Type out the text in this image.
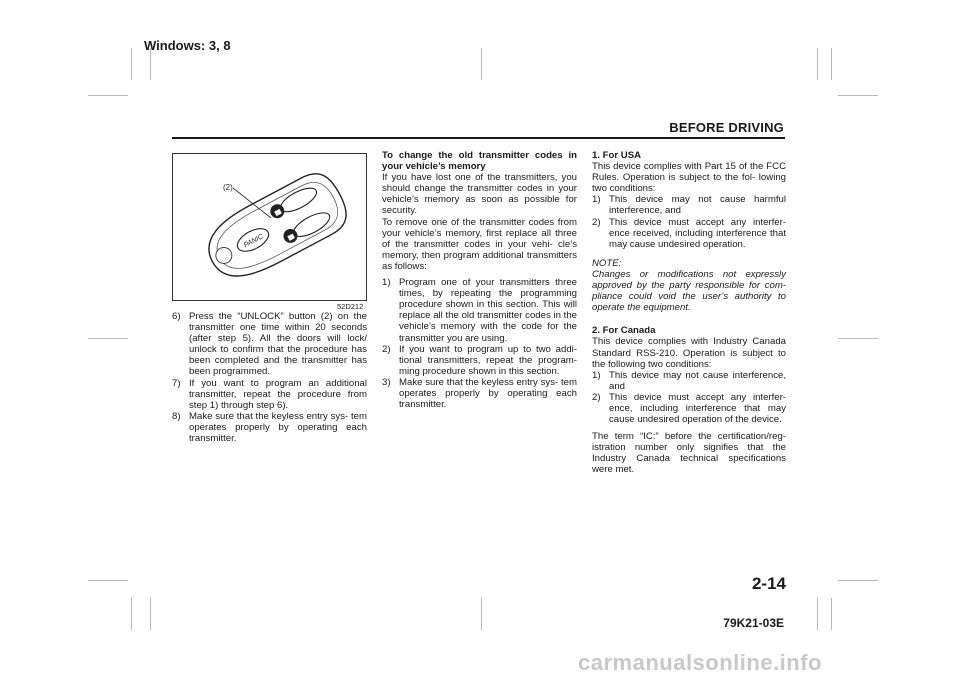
Windows: 3, 8
BEFORE DRIVING
PANIC
(2)
52D212
6) Press the “UNLOCK” button (2) on the transmitter one time within 20 seconds (after step 5). All the doors will lock/ unlock to confirm that the procedure has been completed and the transmitter has been programmed.
7) If you want to program an additional transmitter, repeat the procedure from step 1) through step 6).
8) Make sure that the keyless entry sys- tem operates properly by operating each transmitter.

To change the old transmitter codes in your vehicle’s memory
If you have lost one of the transmitters, you should change the transmitter codes in your vehicle’s memory as soon as possible for security.

To remove one of the transmitter codes from your vehicle’s memory, first replace all three of the transmitter codes in your vehi- cle’s memory, then program additional transmitters as follows:

1) Program one of your transmitters three times, by repeating the programming procedure shown in this section. This will replace all the old transmitter codes in the vehicle’s memory with the code for the transmitter you are using.
2) If you want to program up to two addi- tional transmitters, repeat the program- ming procedure shown in this section.
3) Make sure that the keyless entry sys- tem operates properly by operating each transmitter.

1. For USA
This device complies with Part 15 of the FCC Rules. Operation is subject to the fol- lowing two conditions:

1) This device may not cause harmful interference, and
2) This device must accept any interfer- ence received, including interference that may cause undesired operation.

NOTE:
Changes or modifications not expressly approved by the party responsible for com- pliance could void the user’s authority to operate the equipment.

2. For Canada
This device complies with Industry Canada Standard RSS-210. Operation is subject to the following two conditions:

1) This device may not cause interference, and
2) This device must accept any interfer- ence, including interference that may cause undesired operation of the device.

The term “IC:” before the certification/reg- istration number only signifies that the Industry Canada technical specifications were met.

2-14
79K21-03E
carmanualsonline.info
